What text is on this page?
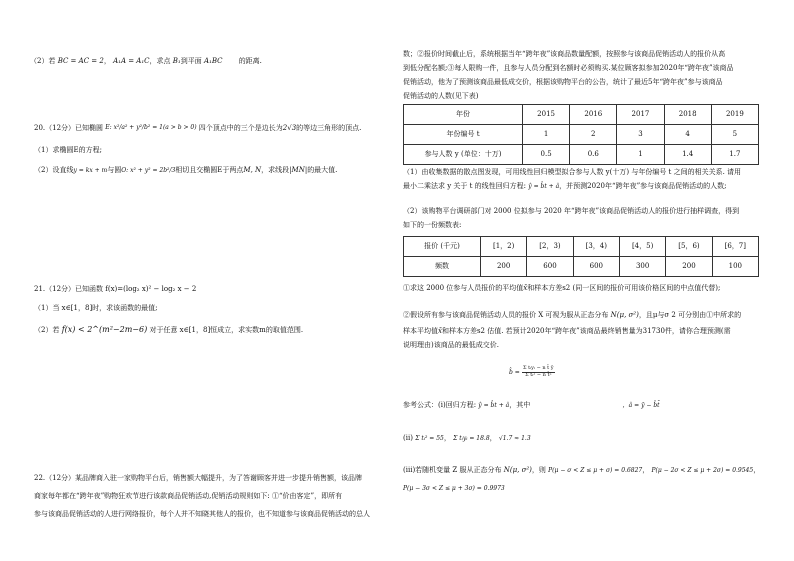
（2）若 BC = AC = 2， A₁A = A₁C，求点 B₁到平面 A₁BC 的距离.
20.（12分）已知椭圆 E: x²/a² + y²/b² = 1(a > b > 0) 四个顶点中的三个是边长为2√3的等边三角形的顶点.
（1）求椭圆E的方程;
（2）设直线y = kx + m与圆O: x² + y² = 2b²/3相切且交椭圆E于两点M, N，求线段|MN|的最大值.
21.（12分）已知函数 f(x)=(log₂ x)² − log₂ x − 2
（1）当 x∈[1，8]时，求该函数的最值;
（2）若 f(x) < 2^(m²−2m−6) 对于任意 x∈[1，8]恒成立，求实数m的取值范围.
22.（12分）某品牌商入驻一家购物平台后，销售额大幅提升，为了答谢顾客并进一步提升销售额，该品牌
商家每年都在“跨年夜”购物狂欢节进行该款商品促销活动,促销活动规则如下: ①“价由客定”，即所有
参与该商品促销活动的人进行网络报价，每个人并不知晓其他人的报价，也不知道参与该商品促销活动的总人
数；②报价时间截止后，系统根据当年“跨年夜”该商品数量配额，按照参与该商品促销活动人的报价从高
到低分配名额;③每人限购一件，且参与人员分配到名额时必须购买.某位顾客拟参加2020年“跨年夜”该商品
促销活动，他为了预测该商品最低成交价，根据该购物平台的公告，统计了最近5年“跨年夜”参与该商品
促销活动的人数(见下表)
年份	2015	2016	2017	2018	2019
年份编号 t	1	2	3	4	5
参与人数 y (单位：十万)	0.5	0.6	1	1.4	1.7
（1）由收集数据的散点图发现，可用线性回归模型拟合参与人数 y(十万) 与年份编号 t 之间的相关关系. 请用
最小二乘法求 y 关于 t 的线性回归方程: ŷ = b̂t + â，并预测2020年“跨年夜”参与该商品促销活动的人数;
（2）该购物平台调研部门对 2000 位拟参与 2020 年“跨年夜”该商品促销活动人的报价进行抽样调查，得到
如下的一份频数表:
报价 (千元)	[1，2)	[2，3)	[3，4)	[4，5)	[5，6)	[6，7]
频数	200	600	600	300	200	100
①求这 2000 位参与人员报价的平均值x̄和样本方差s2 (同一区间的报价可用该价格区间的中点值代替);
②假设所有参与该商品促销活动人员的报价 X 可视为服从正态分布 N(μ, σ²)，且μ与σ 2 可分别由①中所求的
样本平均值x̄和样本方差s2 估值. 若预计2020年“跨年夜”该商品最终销售量为31730件，请你合理预测(需
说明理由)该商品的最低成交价.
b̂ = $\frac{\text{Σ tᵢyᵢ − n t̄ ȳ}}{\text{Σ tᵢ² − n t̄²}}$
参考公式：(i)回归方程: ŷ = b̂t + â，其中	，â = ȳ − b̂t̄
(ii) Σ tᵢ² = 55， Σ tᵢyᵢ = 18.8， √1.7 ≈ 1.3
(iii)若随机变量 Z 服从正态分布 N(μ, σ²)，则 P(μ − σ < Z ≤ μ + σ) = 0.6827， P(μ − 2σ < Z ≤ μ + 2σ) = 0.9545，
P(μ − 3σ < Z ≤ μ + 3σ) = 0.9973
